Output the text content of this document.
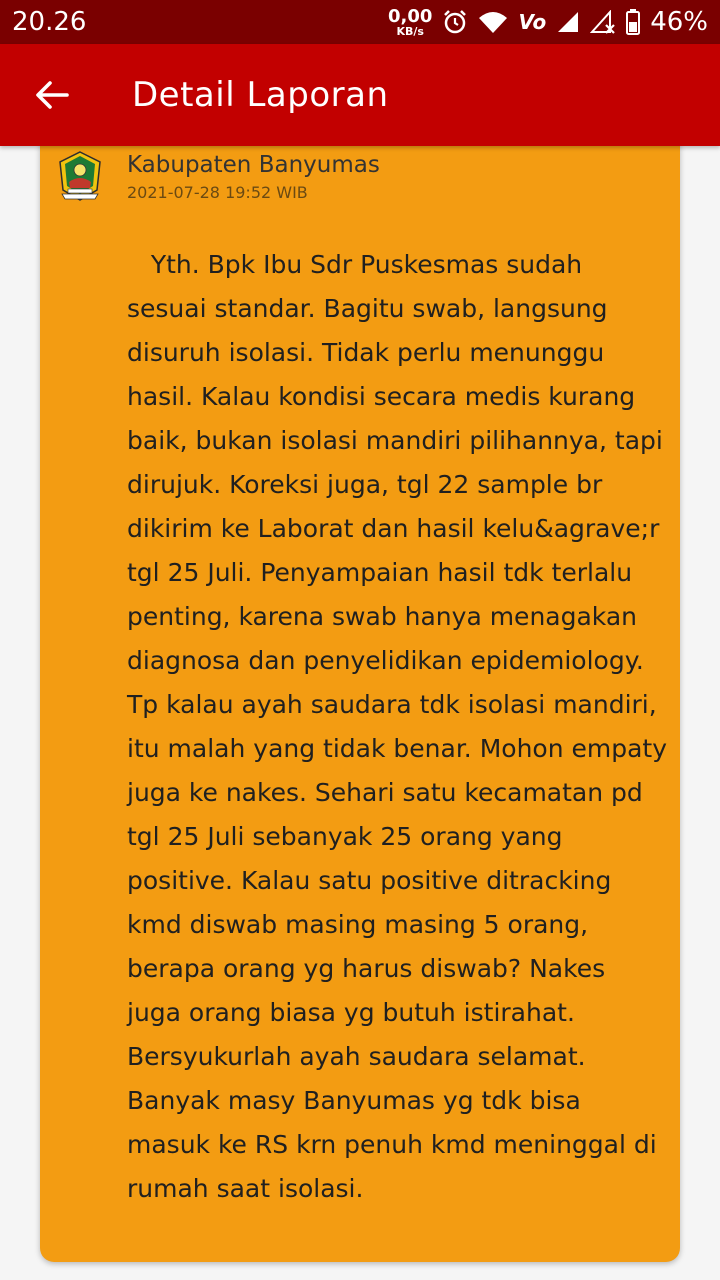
20.26	0,00
KB/s	Vo	46%
Detail Laporan
Kabupaten Banyumas
2021-07-28 19:52 WIB
Yth. Bpk Ibu Sdr Puskesmas sudah sesuai standar. Bagitu swab, langsung disuruh isolasi. Tidak perlu menunggu hasil. Kalau kondisi secara medis kurang baik, bukan isolasi mandiri pilihannya, tapi dirujuk. Koreksi juga, tgl 22 sample br dikirim ke Laborat dan hasil kelu&agrave;r tgl 25 Juli. Penyampaian hasil tdk terlalu penting, karena swab hanya menagakan diagnosa dan penyelidikan epidemiology. Tp kalau ayah saudara tdk isolasi mandiri, itu malah yang tidak benar. Mohon empaty juga ke nakes. Sehari satu kecamatan pd tgl 25 Juli sebanyak 25 orang yang positive. Kalau satu positive ditracking kmd diswab masing masing 5 orang, berapa orang yg harus diswab? Nakes juga orang biasa yg butuh istirahat. Bersyukurlah ayah saudara selamat. Banyak masy Banyumas yg tdk bisa masuk ke RS krn penuh kmd meninggal di rumah saat isolasi.
